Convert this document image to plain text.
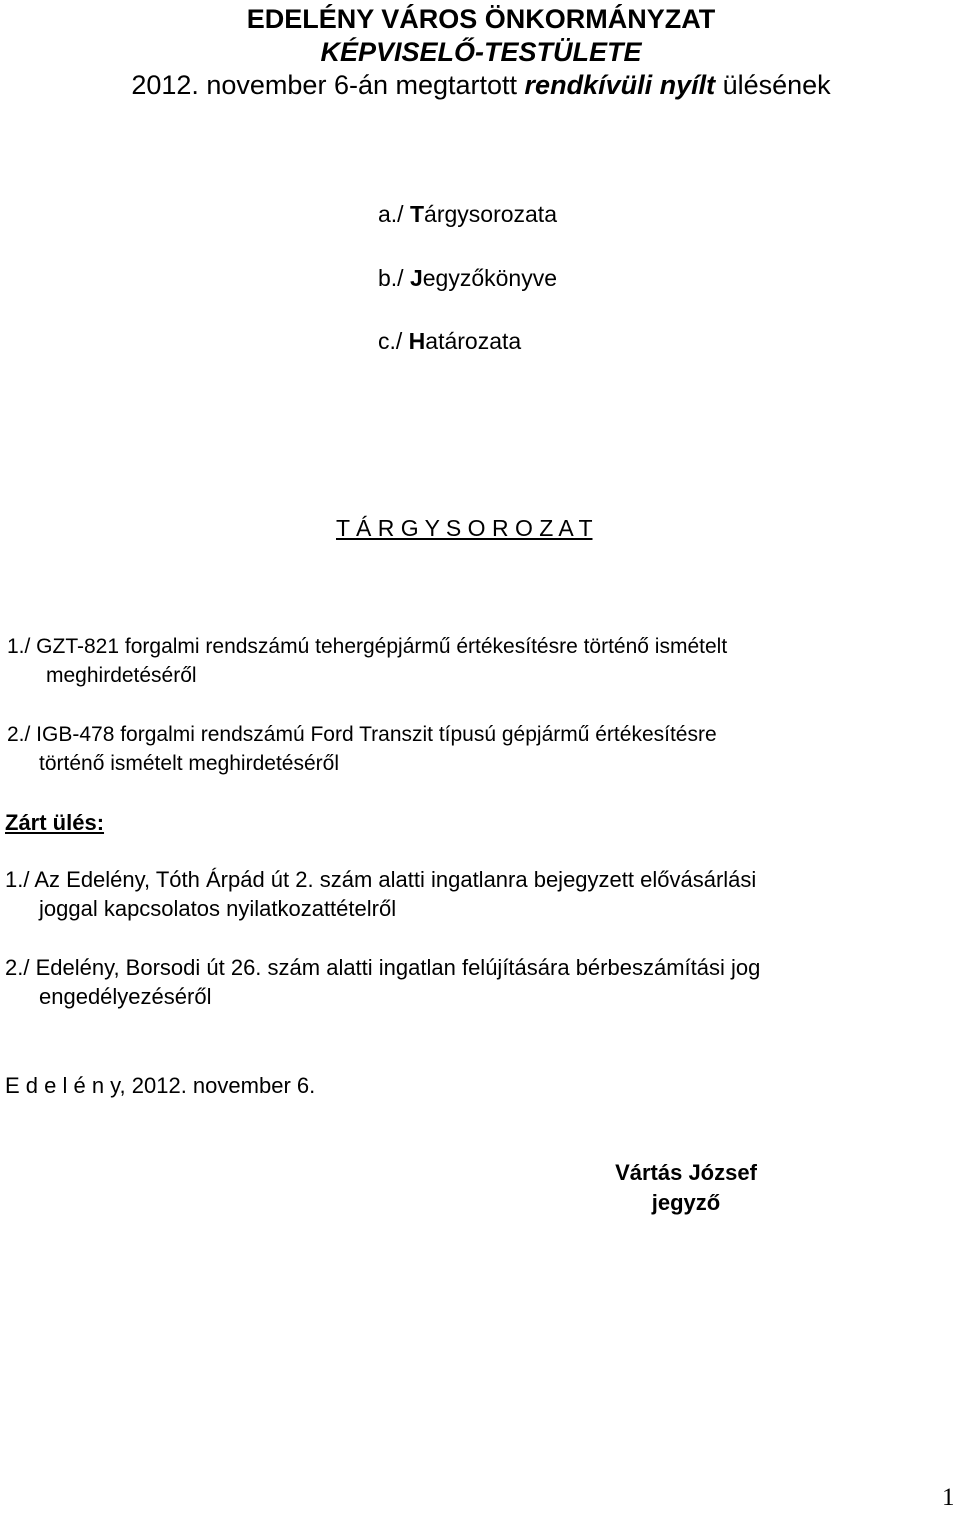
EDELÉNY VÁROS ÖNKORMÁNYZAT
KÉPVISELŐ-TESTÜLETE
2012. november 6-án megtartott rendkívüli nyílt ülésének
a./ Tárgysorozata
b./ Jegyzőkönyve
c./ Határozata
T Á R G Y S O R O Z A T
1./ GZT-821 forgalmi rendszámú tehergépjármű értékesítésre történő ismételt
meghirdetéséről
2./ IGB-478 forgalmi rendszámú Ford Transzit típusú gépjármű értékesítésre
történő ismételt meghirdetéséről
Zárt ülés:
1./ Az Edelény, Tóth Árpád út 2. szám alatti ingatlanra bejegyzett elővásárlási
joggal kapcsolatos nyilatkozattételről
2./ Edelény, Borsodi út 26. szám alatti ingatlan felújítására bérbeszámítási jog
engedélyezéséről
E d e l é n y, 2012. november 6.
Vártás József
jegyző
1
